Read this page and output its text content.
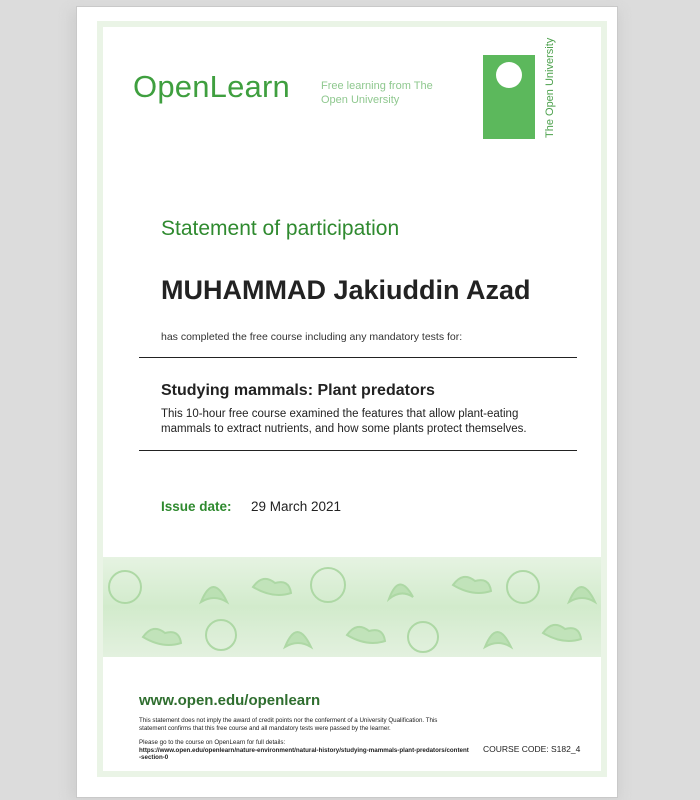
OpenLearn	Free learning from The Open University	The Open University
Statement of participation
MUHAMMAD Jakiuddin Azad
has completed the free course including any mandatory tests for:
Studying mammals: Plant predators
This 10-hour free course examined the features that allow plant-eating mammals to extract nutrients, and how some plants protect themselves.
Issue date: 29 March 2021
www.open.edu/openlearn
This statement does not imply the award of credit points nor the conferment of a University Qualification. This statement confirms that this free course and all mandatory tests were passed by the learner.
Please go to the course on OpenLearn for full details:
https://www.open.edu/openlearn/nature-environment/natural-history/studying-mammals-plant-predators/content-section-0
COURSE CODE: S182_4
